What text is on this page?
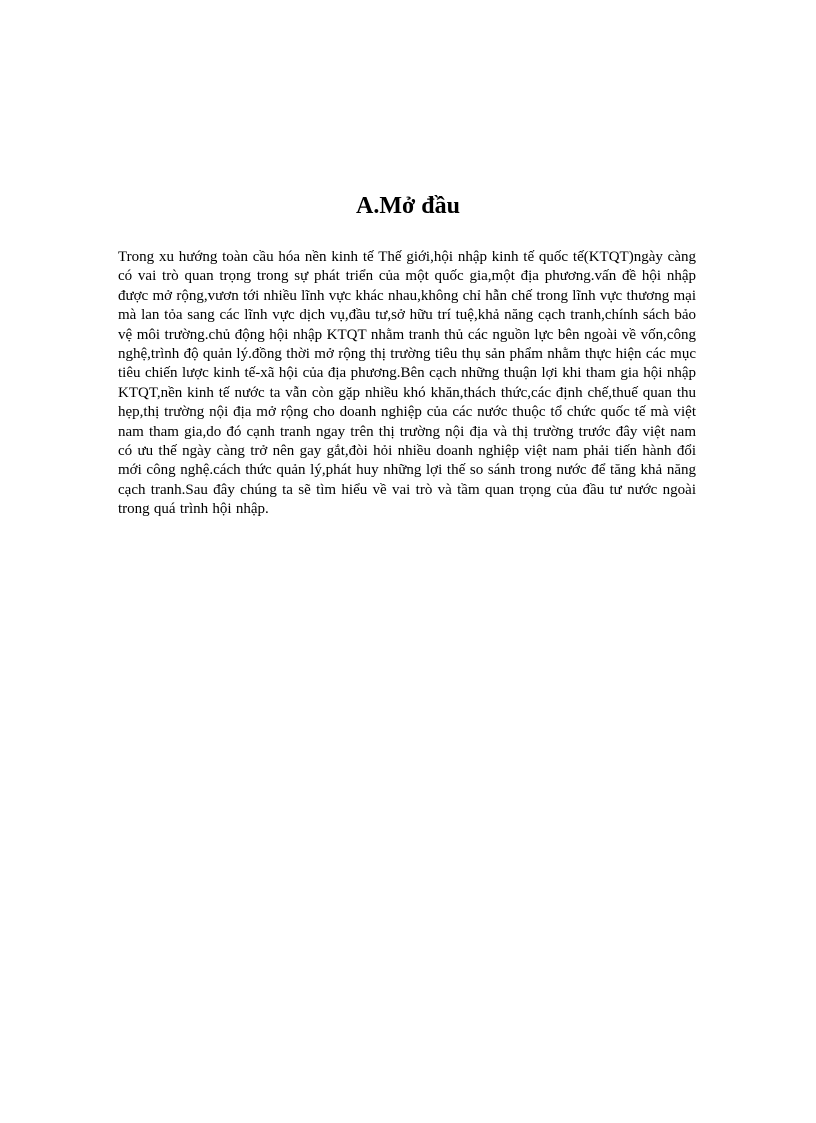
A.Mở đầu

Trong xu hướng toàn cầu hóa nền kinh tế Thế giới,hội nhập kinh tế quốc tế(KTQT)ngày càng có vai trò quan trọng trong sự phát triển của một quốc gia,một địa phương.vấn đề hội nhập được mở rộng,vươn tới nhiều lĩnh vực khác nhau,không chỉ hẫn chế trong lĩnh vực thương mại mà lan tỏa sang các lĩnh vực dịch vụ,đầu tư,sở hữu trí tuệ,khả năng cạch tranh,chính sách bảo vệ môi trường.chủ động hội nhập KTQT nhằm tranh thủ các nguồn lực bên ngoài về vốn,công nghệ,trình độ quản lý.đồng thời mở rộng thị trường tiêu thụ sản phẩm nhằm thực hiện các mục tiêu chiến lược kinh tế-xã hội của địa phương.Bên cạch những thuận lợi khi tham gia hội nhập KTQT,nền kinh tế nước ta vẫn còn gặp nhiều khó khăn,thách thức,các định chế,thuế quan thu hẹp,thị trường nội địa mở rộng cho doanh nghiệp của các nước thuộc tổ chức quốc tế mà việt nam tham gia,do đó cạnh tranh ngay trên thị trường nội địa và thị trường trước đây việt nam có ưu thế ngày càng trở nên gay gắt,đòi hỏi nhiều doanh nghiệp việt nam phải tiến hành đổi mới công nghệ.cách thức quản lý,phát huy những lợi thế so sánh trong nước để tăng khả năng cạch tranh.Sau đây chúng ta sẽ tìm hiểu về vai trò và tầm quan trọng của đầu tư nước ngoài trong quá trình hội nhập.
